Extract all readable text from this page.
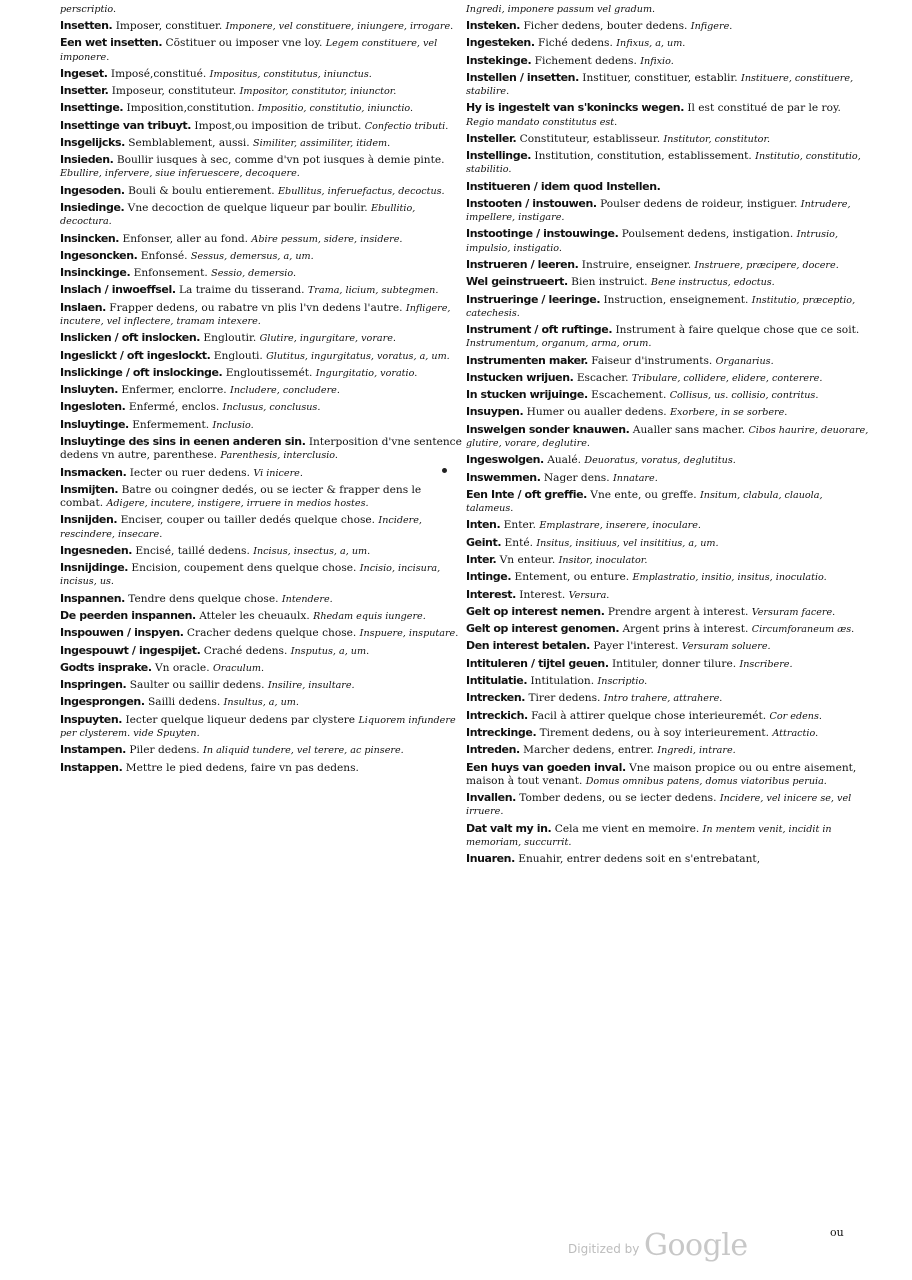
perscriptio.
Insetten. Imposer, constituer. Imponere, vel constituere, iniungere, irrogare.
Een wet insetten. Cõstituer ou imposer vne loy. Legem constituere, vel imponere.
Ingeset. Imposé,constitué. Impositus, constitutus, iniunctus.
Insetter. Imposeur, constituteur. Impositor, constitutor, iniunctor.
Insettinge. Imposition,constitution. Impositio, constitutio, iniunctio.
Insettinge van tribuyt. Impost,ou imposition de tribut. Confectio tributi.
Insgelijcks. Semblablement, aussi. Similiter, assimiliter, itidem.
Insieden. Boullir iusques à sec, comme d'vn pot iusques à demie pinte. Ebullire, infervere, siue inferuescere, decoquere.
Ingesoden. Bouli & boulu entierement. Ebullitus, inferuefactus, decoctus.
Insiedinge. Vne decoction de quelque liqueur par boulir. Ebullitio, decoctura.
Insincken. Enfonser, aller au fond. Abire pessum, sidere, insidere.
Ingesoncken. Enfonsé. Sessus, demersus, a, um.
Insinckinge. Enfonsement. Sessio, demersio.
Inslach / inwoeffsel. La traime du tisserand. Trama, licium, subtegmen.
Inslaen. Frapper dedens, ou rabatre vn plis l'vn dedens l'autre. Infligere, incutere, vel inflectere, tramam intexere.
Inslicken / oft inslocken. Engloutir. Glutire, ingurgitare, vorare.
Ingeslickt / oft ingeslockt. Englouti. Glutitus, ingurgitatus, voratus, a, um.
Inslickinge / oft inslockinge. Engloutissemét. Ingurgitatio, voratio.
Insluyten. Enfermer, enclorre. Includere, concludere.
Ingesloten. Enfermé, enclos. Inclusus, conclusus.
Insluytinge. Enfermement. Inclusio.
Insluytinge des sins in eenen anderen sin. Interposition d'vne sentence dedens vn autre, parenthese. Parenthesis, interclusio.
Insmacken. Iecter ou ruer dedens. Vi inicere.
Insmijten. Batre ou coingner dedés, ou se iecter & frapper dens le combat. Adigere, incutere, instigere, irruere in medios hostes.
Insnijden. Enciser, couper ou tailler dedés quelque chose. Incidere, rescindere, insecare.
Ingesneden. Encisé, taillé dedens. Incisus, insectus, a, um.
Insnijdinge. Encision, coupement dens quelque chose. Incisio, incisura, incisus, us.
Inspannen. Tendre dens quelque chose. Intendere.
De peerden inspannen. Atteler les cheuaulx. Rhedam equis iungere.
Inspouwen / inspyen. Cracher dedens quelque chose. Inspuere, insputare.
Ingespouwt / ingespijet. Craché dedens. Insputus, a, um.
Godts insprake. Vn oracle. Oraculum.
Inspringen. Saulter ou saillir dedens. Insilire, insultare.
Ingesprongen. Sailli dedens. Insultus, a, um.
Inspuyten. Iecter quelque liqueur dedens par clystere Liquorem infundere per clysterem. vide Spuyten.
Instampen. Piler dedens. In aliquid tundere, vel terere, ac pinsere.
Instappen. Mettre le pied dedens, faire vn pas dedens.
Ingredi, imponere passum vel gradum.
Insteken. Ficher dedens, bouter dedens. Infigere.
Ingesteken. Fiché dedens. Infixus, a, um.
Instekinge. Fichement dedens. Infixio.
Instellen / insetten. Instituer, constituer, establir. Instituere, constituere, stabilire.
Hy is ingestelt van s'konincks wegen. Il est constitué de par le roy. Regio mandato constitutus est.
Insteller. Constituteur, establisseur. Institutor, constitutor.
Instellinge. Institution, constitution, establissement. Institutio, constitutio, stabilitio.
Institueren / idem quod Instellen.
Instooten / instouwen. Poulser dedens de roideur, instiguer. Intrudere, impellere, instigare.
Instootinge / instouwinge. Poulsement dedens, instigation. Intrusio, impulsio, instigatio.
Instrueren / leeren. Instruire, enseigner. Instruere, præcipere, docere.
Wel geinstrueert. Bien instruict. Bene instructus, edoctus.
Instrueringe / leeringe. Instruction, enseignement. Institutio, præceptio, catechesis.
Instrument / oft ruftinge. Instrument à faire quelque chose que ce soit. Instrumentum, organum, arma, orum.
Instrumenten maker. Faiseur d'instruments. Organarius.
Instucken wrijuen. Escacher. Tribulare, collidere, elidere, conterere.
In stucken wrijuinge. Escachement. Collisus, us. collisio, contritus.
Insuypen. Humer ou aualler dedens. Exorbere, in se sorbere.
Inswelgen sonder knauwen. Aualler sans macher. Cibos haurire, deuorare, glutire, vorare, deglutire.
Ingeswolgen. Aualé. Deuoratus, voratus, deglutitus.
Inswemmen. Nager dens. Innatare.
Een Inte / oft greffie. Vne ente, ou greffe. Insitum, clabula, clauola, talameus.
Inten. Enter. Emplastrare, inserere, inoculare.
Geint. Enté. Insitus, insitiuus, vel insititius, a, um.
Inter. Vn enteur. Insitor, inoculator.
Intinge. Entement, ou enture. Emplastratio, insitio, insitus, inoculatio.
Interest. Interest. Versura.
Gelt op interest nemen. Prendre argent à interest. Versuram facere.
Gelt op interest genomen. Argent prins à interest. Circumforaneum æs.
Den interest betalen. Payer l'interest. Versuram soluere.
Intituleren / tijtel geuen. Intituler, donner tilure. Inscribere.
Intitulatie. Intitulation. Inscriptio.
Intrecken. Tirer dedens. Intro trahere, attrahere.
Intreckich. Facil à attirer quelque chose interieuremét. Cor edens.
Intreckinge. Tirement dedens, ou à soy interieurement. Attractio.
Intreden. Marcher dedens, entrer. Ingredi, intrare.
Een huys van goeden inval. Vne maison propice ou ou entre aisement, maison à tout venant. Domus omnibus patens, domus viatoribus peruia.
Invallen. Tomber dedens, ou se iecter dedens. Incidere, vel inicere se, vel irruere.
Dat valt my in. Cela me vient en memoire. In mentem venit, incidit in memoriam, succurrit.
Inuaren. Enuahir, entrer dedens soit en s'entrebatant,
ou
Digitized by Google
